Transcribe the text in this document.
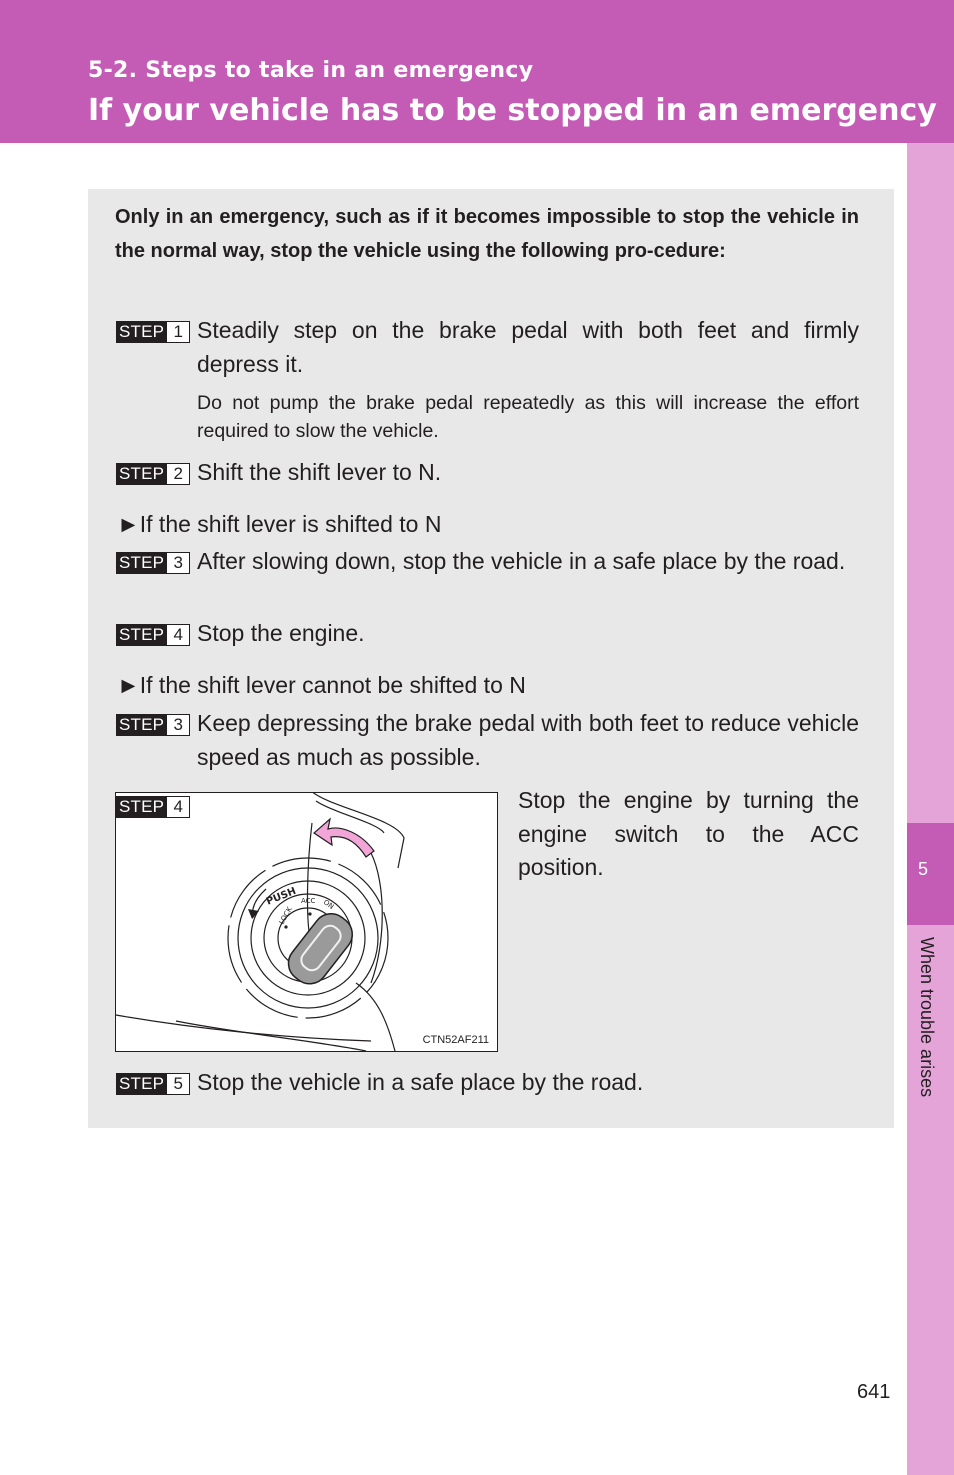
5-2. Steps to take in an emergency
If your vehicle has to be stopped in an emergency
5
When trouble arises
Only in an emergency, such as if it becomes impossible to stop the vehicle in the normal way, stop the vehicle using the following pro-cedure:
STEP 1 Steadily step on the brake pedal with both feet and firmly depress it.
Do not pump the brake pedal repeatedly as this will increase the effort required to slow the vehicle.
STEP 2 Shift the shift lever to N.
►If the shift lever is shifted to N
STEP 3 After slowing down, stop the vehicle in a safe place by the road.
STEP 4 Stop the engine.
►If the shift lever cannot be shifted to N
STEP 3 Keep depressing the brake pedal with both feet to reduce vehicle speed as much as possible.
PUSH
LOCK
ACC ON
STEP 4
CTN52AF211
Stop the engine by turning the engine switch to the ACC position.
STEP 5 Stop the vehicle in a safe place by the road.
641
